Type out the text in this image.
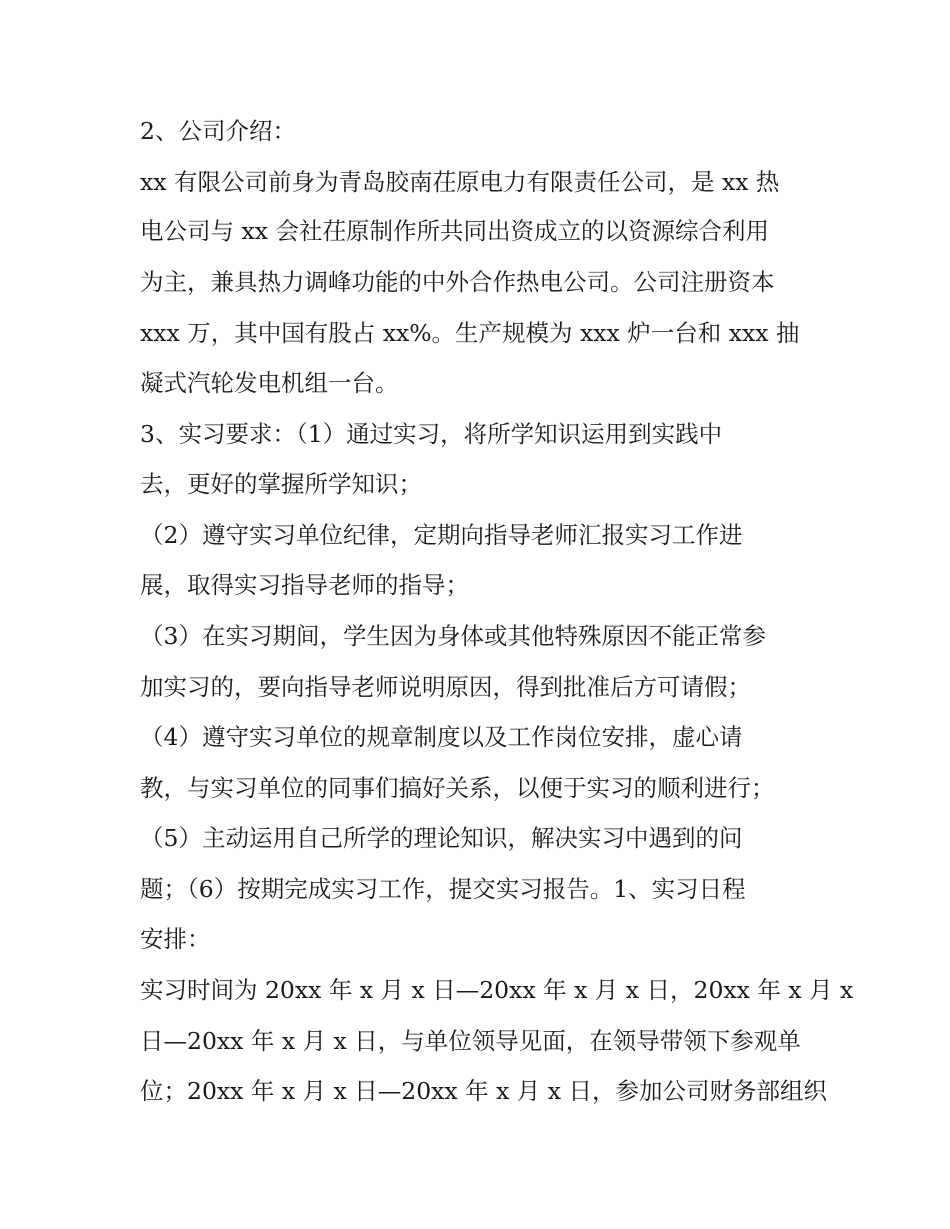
2、公司介绍：
xx 有限公司前身为青岛胶南茌原电力有限责任公司，是 xx 热
电公司与 xx 会社茌原制作所共同出资成立的以资源综合利用
为主，兼具热力调峰功能的中外合作热电公司。公司注册资本
xxx 万，其中国有股占 xx%。生产规模为 xxx 炉一台和 xxx 抽
凝式汽轮发电机组一台。
3、实习要求：（1）通过实习，将所学知识运用到实践中
去，更好的掌握所学知识；
（2）遵守实习单位纪律，定期向指导老师汇报实习工作进
展，取得实习指导老师的指导；
（3）在实习期间，学生因为身体或其他特殊原因不能正常参
加实习的，要向指导老师说明原因，得到批准后方可请假；
（4）遵守实习单位的规章制度以及工作岗位安排，虚心请
教，与实习单位的同事们搞好关系，以便于实习的顺利进行；
（5）主动运用自己所学的理论知识，解决实习中遇到的问
题；（6）按期完成实习工作，提交实习报告。1、实习日程
安排：
实习时间为 20xx 年 x 月 x 日—20xx 年 x 月 x 日，20xx 年 x 月 x
日—20xx 年 x 月 x 日，与单位领导见面，在领导带领下参观单
位；20xx 年 x 月 x 日—20xx 年 x 月 x 日，参加公司财务部组织
